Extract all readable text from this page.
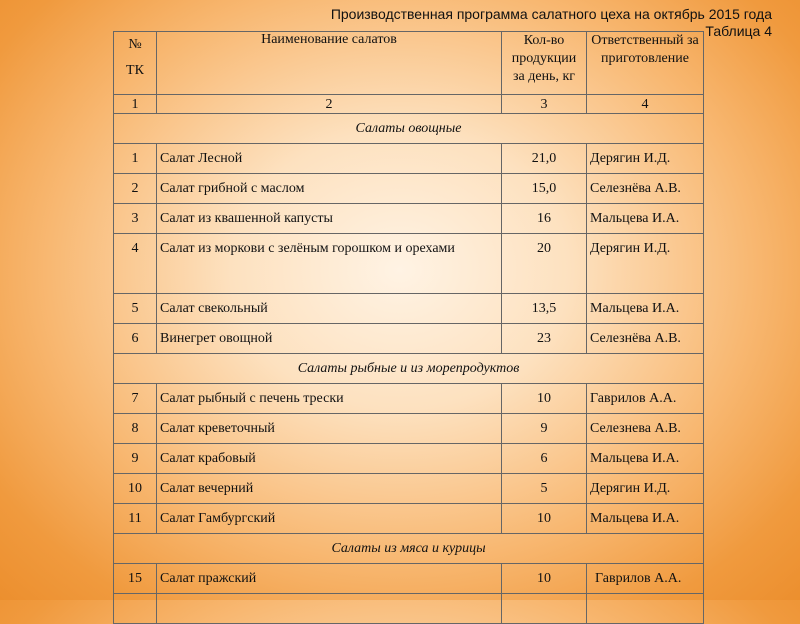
Производственная программа салатного цеха на октябрь 2015 года
Таблица 4
№
ТК	Наименование салатов	Кол-во продукции за день, кг	Ответственный за приготовление
1	2	3	4
Салаты овощные			
1	Салат Лесной	21,0	Дерягин И.Д.
2	Салат грибной с маслом	15,0	Селезнёва А.В.
3	Салат из квашенной капусты	16	Мальцева И.А.
4	Салат из моркови с зелёным горошком и орехами	20	Дерягин И.Д.
5	Салат свекольный	13,5	Мальцева И.А.
6	Винегрет овощной	23	Селезнёва А.В.
Салаты рыбные и из морепродуктов			
7	Салат рыбный с печень трески	10	Гаврилов А.А.
8	Салат креветочный	9	Селезнева А.В.
9	Салат крабовый	6	Мальцева И.А.
10	Салат вечерний	5	Дерягин И.Д.
11	Салат Гамбургский	10	Мальцева И.А.
Салаты из мяса и курицы			
15	Салат пражский	10	Гаврилов А.А.
